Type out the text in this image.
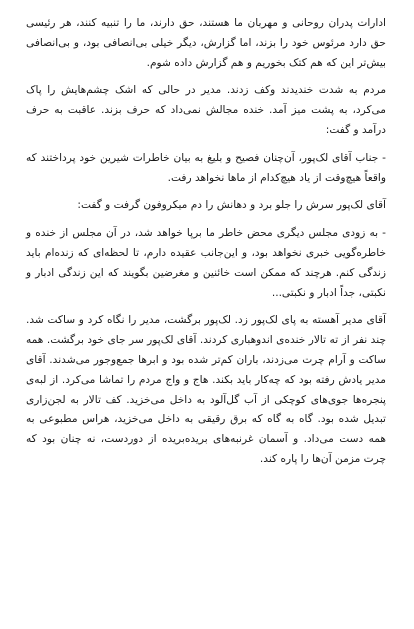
ادارات پدران روحانی و مهربان ما هستند، حق دارند، ما را تنبیه کنند، هر رئیسی حق دارد مرئوس خود را بزند، اما گزارش، دیگر خیلی بی‌انصافی بود، و بی‌انصافی بیش‌تر این که هم کتک بخوریم و هم گزارش داده شوم.

مردم به شدت خندیدند وکف زدند. مدیر در حالی که اشک چشم‌هایش را پاک می‌کرد، به پشت میز آمد. خنده مجالش نمی‌داد که حرف بزند. عاقبت به حرف درآمد و گفت:

- جناب آقای لک‌پور، آن‌چنان فصیح و بلیغ به بیان خاطرات شیرین خود پرداختند که واقعاً هیچ‌وقت از یاد هیچ‌کدام از ماها نخواهد رفت.

آقای لک‌پور سرش را جلو برد و دهانش را دم میکروفون گرفت و گفت:

- به زودی مجلس دیگری محض خاطر ما برپا خواهد شد، در آن مجلس از خنده و خاطره‌گویی خبری نخواهد بود، و این‌جانب عقیده دارم، تا لحظه‌ای که زنده‌ام باید زندگی کنم. هرچند که ممکن است خائنین و مغرضین بگویند که این زندگی ادبار و نکبتی، جداً ادبار و نکبتی...

آقای مدیر آهسته به پای لک‌پور زد. لک‌پور برگشت، مدیر را نگاه کرد و ساکت شد. چند نفر از ته تالار خنده‌ی اندوهباری کردند. آقای لک‌پور سر جای خود برگشت. همه ساکت و آرام چرت می‌زدند، باران کم‌تر شده بود و ابرها جمع‌وجور می‌شدند. آقای مدیر یادش رفته بود که چه‌کار باید بکند. هاج و واج مردم را تماشا می‌کرد. از لبه‌ی پنجره‌ها جوی‌های کوچکی از آب گل‌آلود به داخل می‌خزید. کف تالار به لجن‌زاری تبدیل شده بود. گاه به گاه که برق رقیقی به داخل می‌خزید، هراس مطبوعی به همه دست می‌داد. و آسمان غرنبه‌های بریده‌بریده از دوردست، نه چنان بود که چرت مزمن آن‌ها را پاره کند.
